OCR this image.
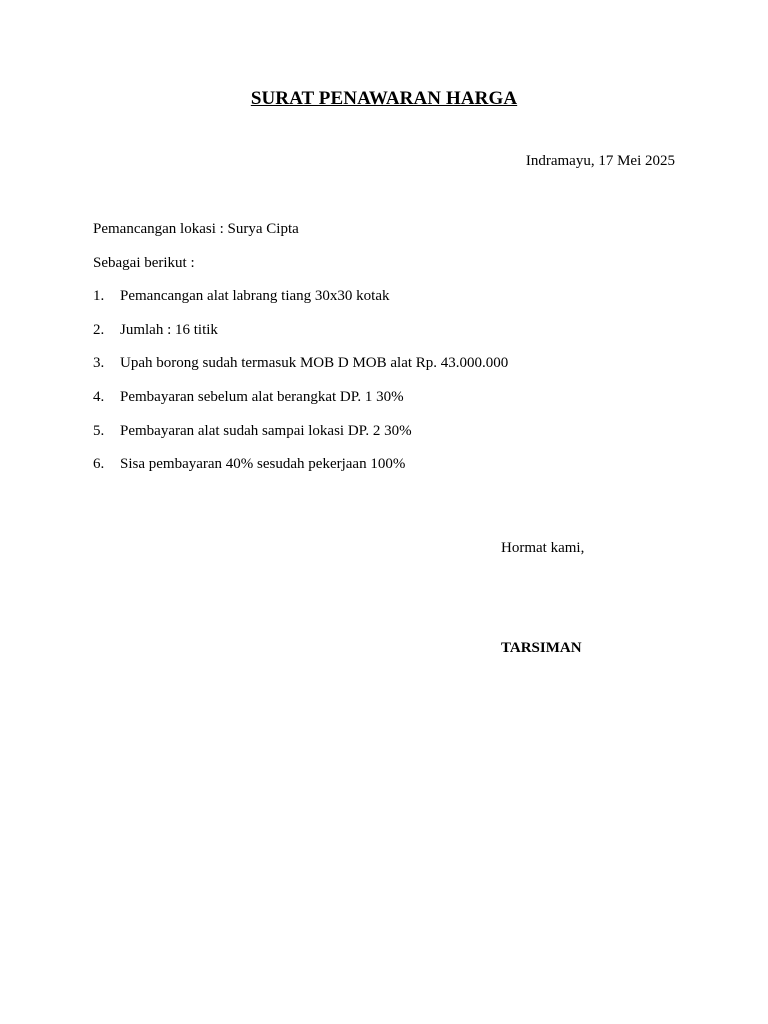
SURAT PENAWARAN HARGA
Indramayu, 17 Mei 2025
Pemancangan lokasi : Surya Cipta
Sebagai berikut :
1.	Pemancangan alat labrang tiang 30x30 kotak
2.	Jumlah : 16 titik
3.	Upah borong sudah termasuk MOB D MOB alat Rp. 43.000.000
4.	Pembayaran sebelum alat berangkat DP. 1 30%
5.	Pembayaran alat sudah sampai lokasi DP. 2 30%
6.	Sisa pembayaran 40% sesudah pekerjaan 100%
Hormat kami,
TARSIMAN
